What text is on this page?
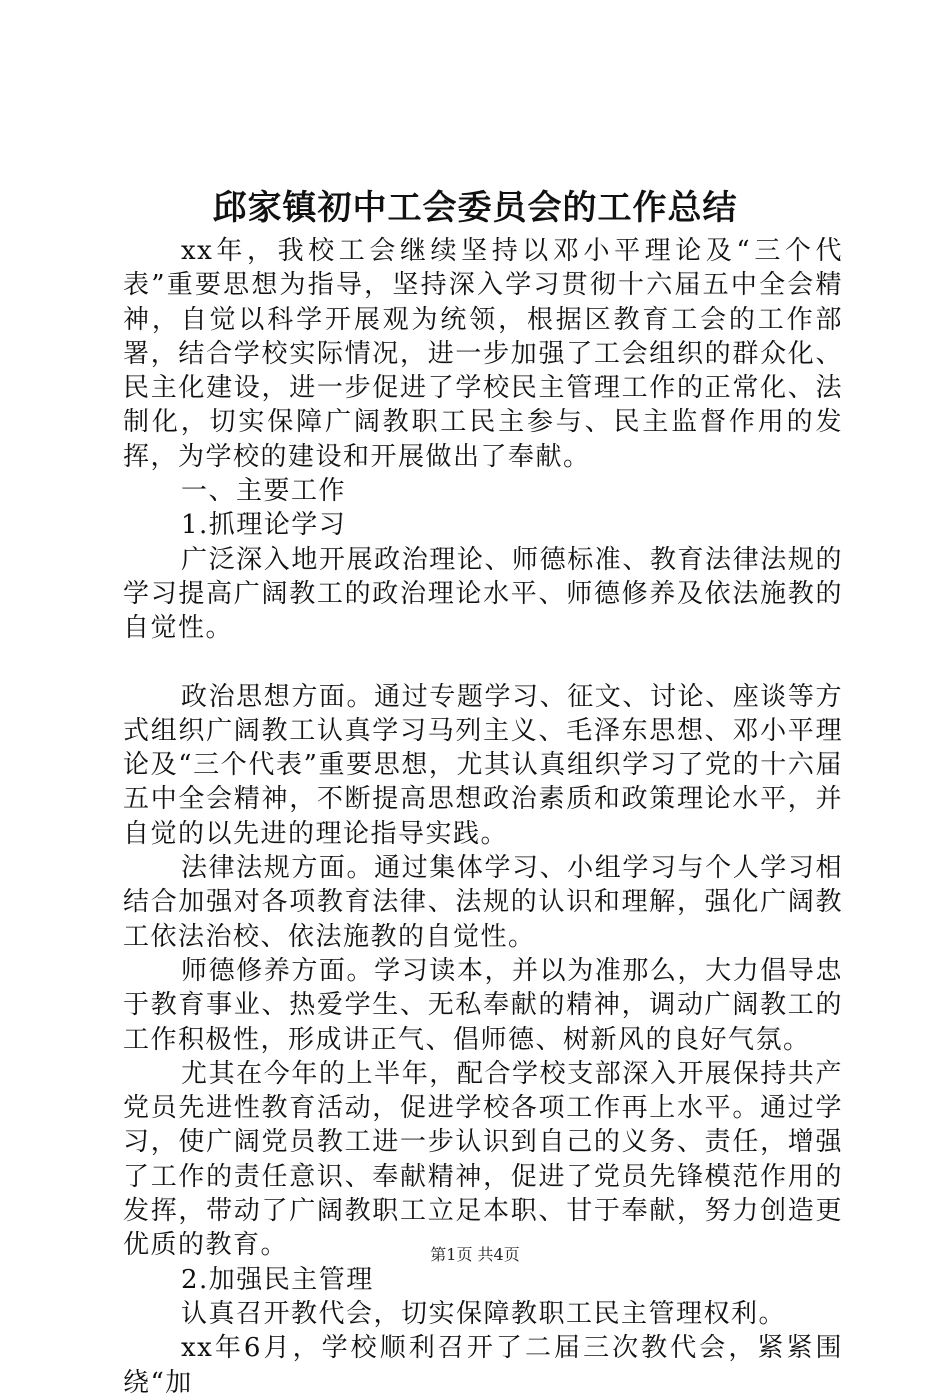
邱家镇初中工会委员会的工作总结

xx年，我校工会继续坚持以邓小平理论及“三个代表”重要思想为指导，坚持深入学习贯彻十六届五中全会精神，自觉以科学开展观为统领，根据区教育工会的工作部署，结合学校实际情况，进一步加强了工会组织的群众化、民主化建设，进一步促进了学校民主管理工作的正常化、法制化，切实保障广阔教职工民主参与、民主监督作用的发挥，为学校的建设和开展做出了奉献。

一、主要工作

1.抓理论学习

广泛深入地开展政治理论、师德标准、教育法律法规的学习提高广阔教工的政治理论水平、师德修养及依法施教的自觉性。

政治思想方面。通过专题学习、征文、讨论、座谈等方式组织广阔教工认真学习马列主义、毛泽东思想、邓小平理论及“三个代表”重要思想，尤其认真组织学习了党的十六届五中全会精神，不断提高思想政治素质和政策理论水平，并自觉的以先进的理论指导实践。

法律法规方面。通过集体学习、小组学习与个人学习相结合加强对各项教育法律、法规的认识和理解，强化广阔教工依法治校、依法施教的自觉性。

师德修养方面。学习读本，并以为准那么，大力倡导忠于教育事业、热爱学生、无私奉献的精神，调动广阔教工的工作积极性，形成讲正气、倡师德、树新风的良好气氛。

尤其在今年的上半年，配合学校支部深入开展保持共产党员先进性教育活动，促进学校各项工作再上水平。通过学习，使广阔党员教工进一步认识到自己的义务、责任，增强了工作的责任意识、奉献精神，促进了党员先锋模范作用的发挥，带动了广阔教职工立足本职、甘于奉献，努力创造更优质的教育。

2.加强民主管理

认真召开教代会，切实保障教职工民主管理权利。

xx年6月，学校顺利召开了二届三次教代会，紧紧围绕“加

第1页 共4页
